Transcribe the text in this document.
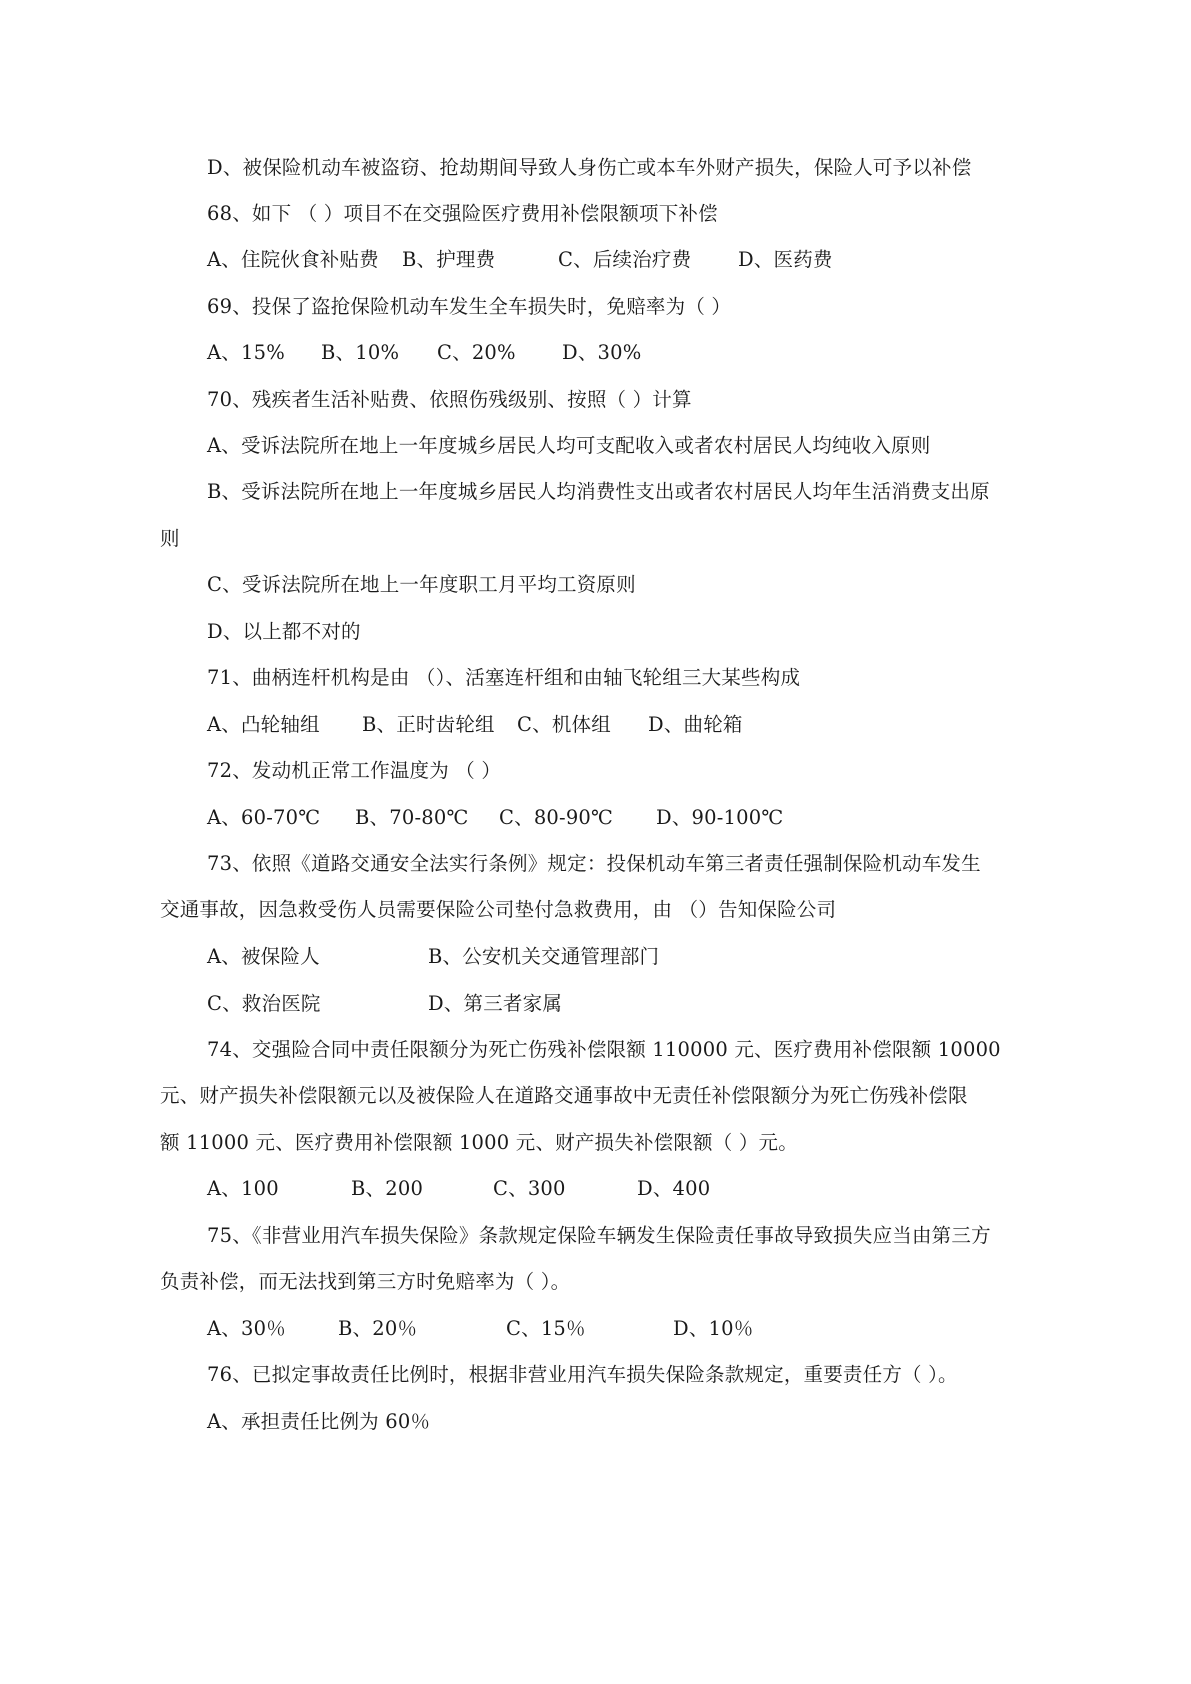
D、被保险机动车被盗窃、抢劫期间导致人身伤亡或本车外财产损失，保险人可予以补偿
68、如下 （ ）项目不在交强险医疗费用补偿限额项下补偿
A、住院伙食补贴费 B、护理费	C、后续治疗费 D、医药费
69、投保了盗抢保险机动车发生全车损失时，免赔率为（ ）
A、15% B、10% C、20% D、30%
70、残疾者生活补贴费、依照伤残级别、按照（ ）计算
A、受诉法院所在地上一年度城乡居民人均可支配收入或者农村居民人均纯收入原则
B、受诉法院所在地上一年度城乡居民人均消费性支出或者农村居民人均年生活消费支出原
则
C、受诉法院所在地上一年度职工月平均工资原则
D、以上都不对的
71、曲柄连杆机构是由 （）、活塞连杆组和由轴飞轮组三大某些构成
A、凸轮轴组 B、正时齿轮组 C、机体组 D、曲轮箱
72、发动机正常工作温度为 （ ）
A、60-70℃ B、70-80℃ C、80-90℃ D、90-100℃
73、依照《道路交通安全法实行条例》规定：投保机动车第三者责任强制保险机动车发生
交通事故，因急救受伤人员需要保险公司垫付急救费用，由 （）告知保险公司
A、被保险人	B、公安机关交通管理部门
C、救治医院	D、第三者家属
74、交强险合同中责任限额分为死亡伤残补偿限额 110000 元、医疗费用补偿限额 10000
元、财产损失补偿限额元以及被保险人在道路交通事故中无责任补偿限额分为死亡伤残补偿限
额 11000 元、医疗费用补偿限额 1000 元、财产损失补偿限额（ ）元。
A、100	B、200	C、300	D、400
75、《非营业用汽车损失保险》条款规定保险车辆发生保险责任事故导致损失应当由第三方
负责补偿，而无法找到第三方时免赔率为（ ）。
A、30％	B、20％	C、15％	D、10％
76、已拟定事故责任比例时，根据非营业用汽车损失保险条款规定，重要责任方（ ）。
A、承担责任比例为 60％
